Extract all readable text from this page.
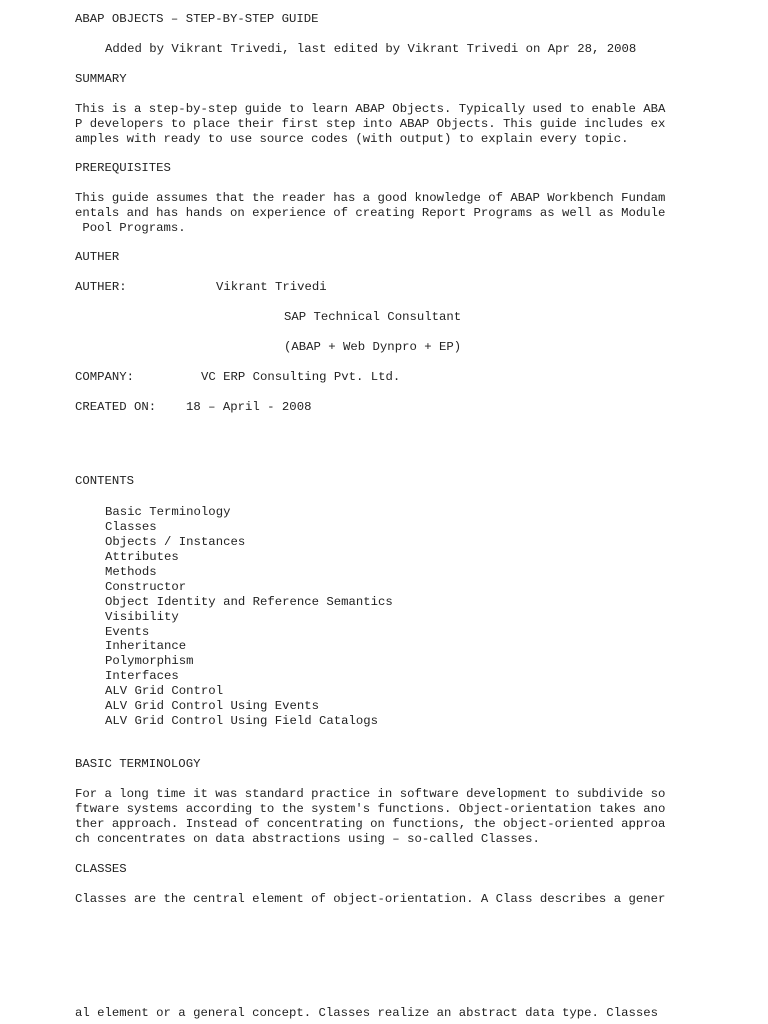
ABAP OBJECTS – STEP-BY-STEP GUIDE
Added by Vikrant Trivedi, last edited by Vikrant Trivedi on Apr 28, 2008
SUMMARY
This is a step-by-step guide to learn ABAP Objects. Typically used to enable ABA
P developers to place their first step into ABAP Objects. This guide includes ex
amples with ready to use source codes (with output) to explain every topic.
PREREQUISITES
This guide assumes that the reader has a good knowledge of ABAP Workbench Fundam
entals and has hands on experience of creating Report Programs as well as Module
Pool Programs.
AUTHER
AUTHER:	Vikrant Trivedi
SAP Technical Consultant
(ABAP + Web Dynpro + EP)
COMPANY:	VC ERP Consulting Pvt. Ltd.
CREATED ON: 18 – April - 2008
CONTENTS
Basic Terminology
Classes
Objects / Instances
Attributes
Methods
Constructor
Object Identity and Reference Semantics
Visibility
Events
Inheritance
Polymorphism
Interfaces
ALV Grid Control
ALV Grid Control Using Events
ALV Grid Control Using Field Catalogs
BASIC TERMINOLOGY
For a long time it was standard practice in software development to subdivide so
ftware systems according to the system's functions. Object-orientation takes ano
ther approach. Instead of concentrating on functions, the object-oriented approa
ch concentrates on data abstractions using – so-called Classes.
CLASSES
Classes are the central element of object-orientation. A Class describes a gener
al element or a general concept. Classes realize an abstract data type. Classes
